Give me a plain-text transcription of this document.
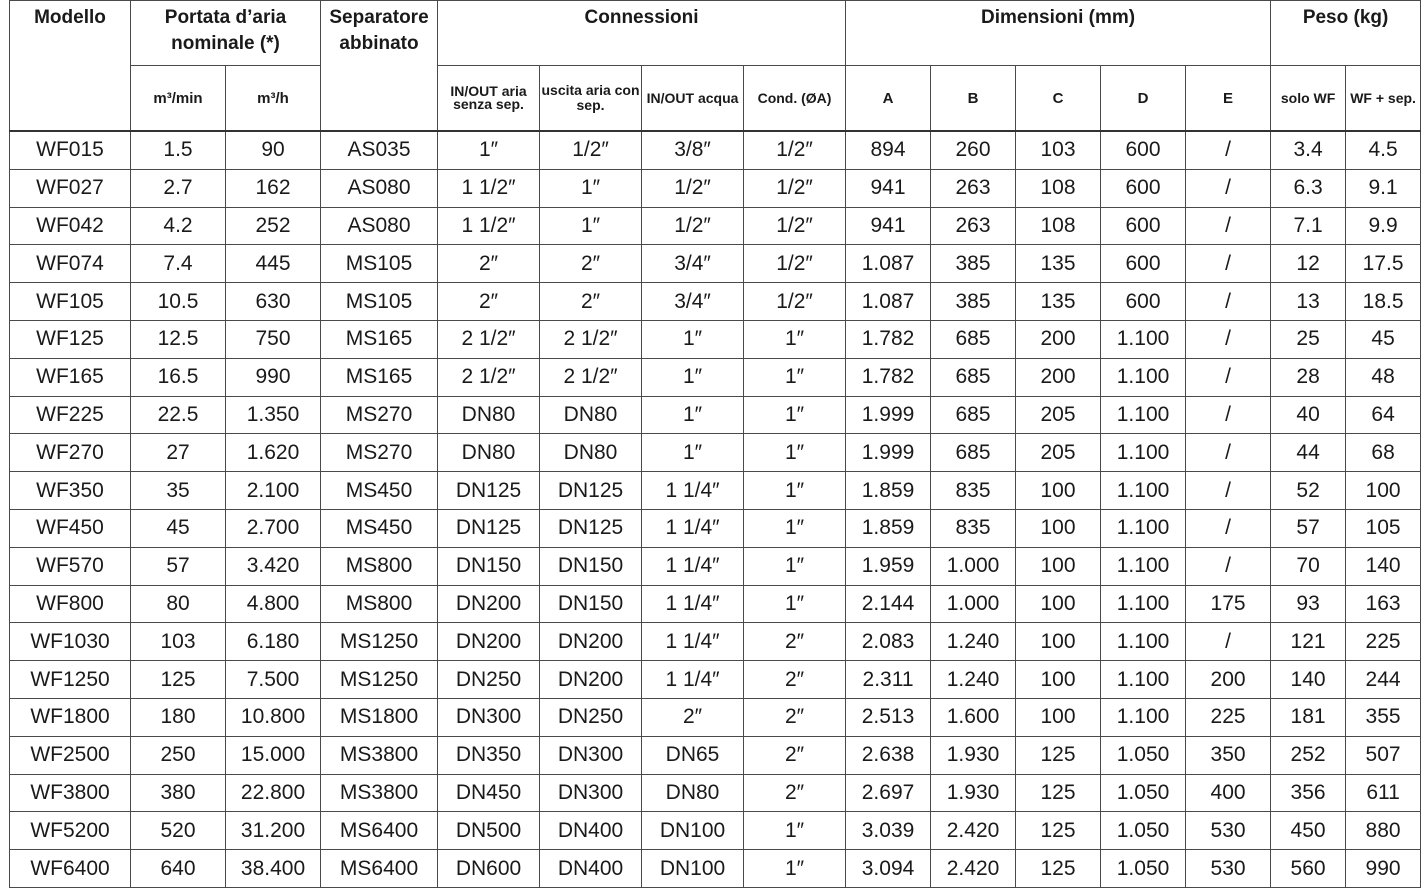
Modello	Portata d’aria nominale (*)		Separatore abbinato	Connessioni				Dimensioni (mm)					Peso (kg)	
	m³/min	m³/h		IN/OUT aria senza sep.	uscita aria con sep.	IN/OUT acqua	Cond. (ØA)	A	B	C	D	E	solo WF	WF + sep.
WF015	1.5	90	AS035	1″	1/2″	3/8″	1/2″	894	260	103	600	/	3.4	4.5
WF027	2.7	162	AS080	1 1/2″	1″	1/2″	1/2″	941	263	108	600	/	6.3	9.1
WF042	4.2	252	AS080	1 1/2″	1″	1/2″	1/2″	941	263	108	600	/	7.1	9.9
WF074	7.4	445	MS105	2″	2″	3/4″	1/2″	1.087	385	135	600	/	12	17.5
WF105	10.5	630	MS105	2″	2″	3/4″	1/2″	1.087	385	135	600	/	13	18.5
WF125	12.5	750	MS165	2 1/2″	2 1/2″	1″	1″	1.782	685	200	1.100	/	25	45
WF165	16.5	990	MS165	2 1/2″	2 1/2″	1″	1″	1.782	685	200	1.100	/	28	48
WF225	22.5	1.350	MS270	DN80	DN80	1″	1″	1.999	685	205	1.100	/	40	64
WF270	27	1.620	MS270	DN80	DN80	1″	1″	1.999	685	205	1.100	/	44	68
WF350	35	2.100	MS450	DN125	DN125	1 1/4″	1″	1.859	835	100	1.100	/	52	100
WF450	45	2.700	MS450	DN125	DN125	1 1/4″	1″	1.859	835	100	1.100	/	57	105
WF570	57	3.420	MS800	DN150	DN150	1 1/4″	1″	1.959	1.000	100	1.100	/	70	140
WF800	80	4.800	MS800	DN200	DN150	1 1/4″	1″	2.144	1.000	100	1.100	175	93	163
WF1030	103	6.180	MS1250	DN200	DN200	1 1/4″	2″	2.083	1.240	100	1.100	/	121	225
WF1250	125	7.500	MS1250	DN250	DN200	1 1/4″	2″	2.311	1.240	100	1.100	200	140	244
WF1800	180	10.800	MS1800	DN300	DN250	2″	2″	2.513	1.600	100	1.100	225	181	355
WF2500	250	15.000	MS3800	DN350	DN300	DN65	2″	2.638	1.930	125	1.050	350	252	507
WF3800	380	22.800	MS3800	DN450	DN300	DN80	2″	2.697	1.930	125	1.050	400	356	611
WF5200	520	31.200	MS6400	DN500	DN400	DN100	1″	3.039	2.420	125	1.050	530	450	880
WF6400	640	38.400	MS6400	DN600	DN400	DN100	1″	3.094	2.420	125	1.050	530	560	990
